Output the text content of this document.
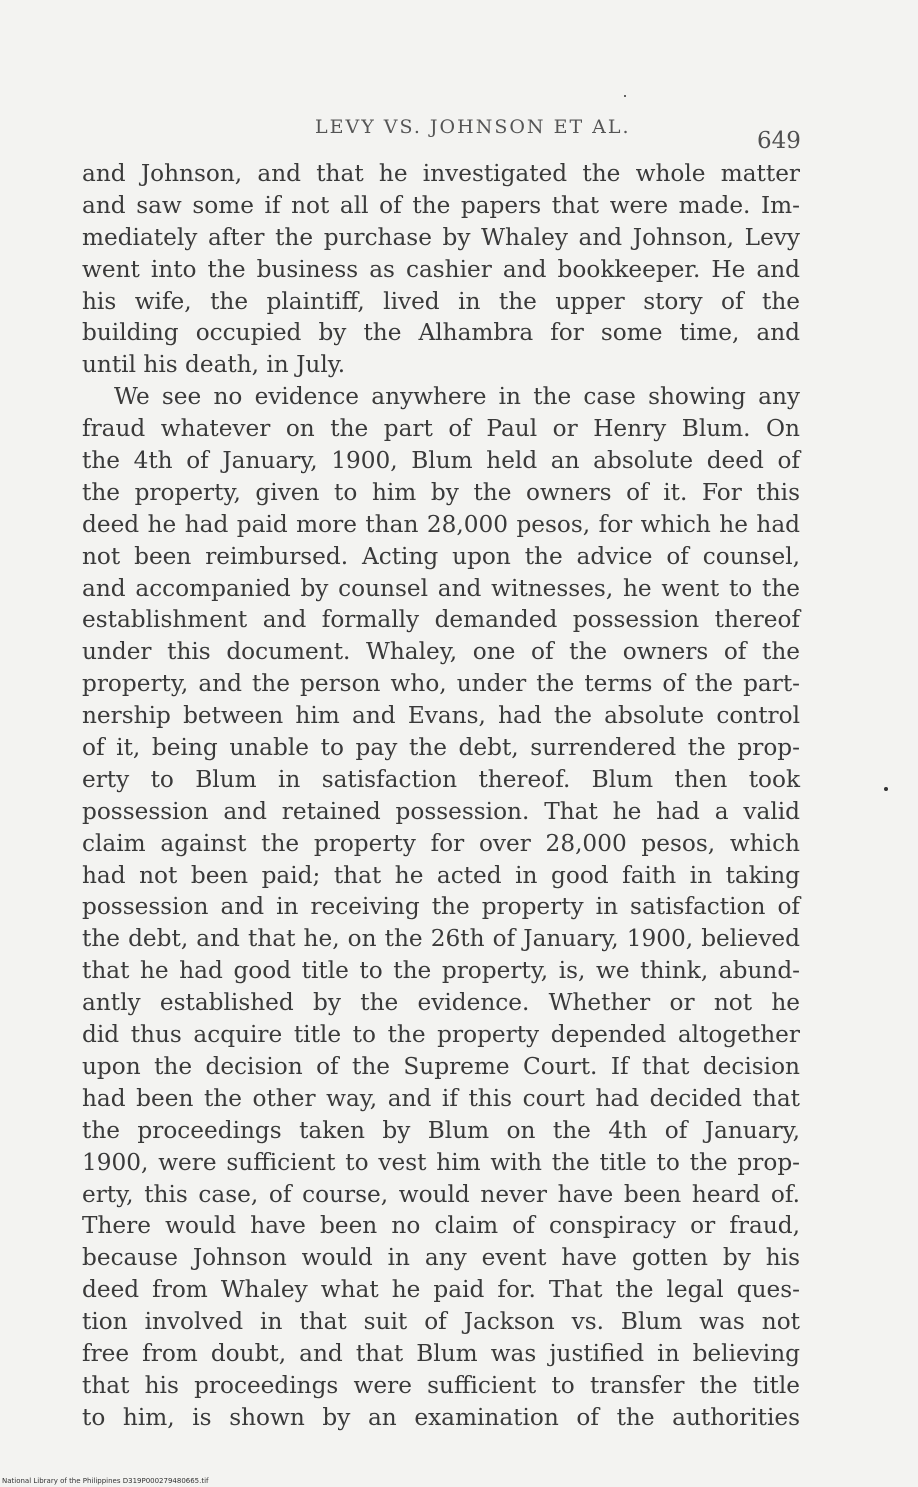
LEVY VS. JOHNSON ET AL.
649
and Johnson, and that he investigated the whole matter
and saw some if not all of the papers that were made. Im-
mediately after the purchase by Whaley and Johnson, Levy
went into the business as cashier and bookkeeper. He and
his wife, the plaintiff, lived in the upper story of the
building occupied by the Alhambra for some time, and
until his death, in July.
We see no evidence anywhere in the case showing any
fraud whatever on the part of Paul or Henry Blum. On
the 4th of January, 1900, Blum held an absolute deed of
the property, given to him by the owners of it. For this
deed he had paid more than 28,000 pesos, for which he had
not been reimbursed. Acting upon the advice of counsel,
and accompanied by counsel and witnesses, he went to the
establishment and formally demanded possession thereof
under this document. Whaley, one of the owners of the
property, and the person who, under the terms of the part-
nership between him and Evans, had the absolute control
of it, being unable to pay the debt, surrendered the prop-
erty to Blum in satisfaction thereof. Blum then took
possession and retained possession. That he had a valid
claim against the property for over 28,000 pesos, which
had not been paid; that he acted in good faith in taking
possession and in receiving the property in satisfaction of
the debt, and that he, on the 26th of January, 1900, believed
that he had good title to the property, is, we think, abund-
antly established by the evidence. Whether or not he
did thus acquire title to the property depended altogether
upon the decision of the Supreme Court. If that decision
had been the other way, and if this court had decided that
the proceedings taken by Blum on the 4th of January,
1900, were sufficient to vest him with the title to the prop-
erty, this case, of course, would never have been heard of.
There would have been no claim of conspiracy or fraud,
because Johnson would in any event have gotten by his
deed from Whaley what he paid for. That the legal ques-
tion involved in that suit of Jackson vs. Blum was not
free from doubt, and that Blum was justified in believing
that his proceedings were sufficient to transfer the title
to him, is shown by an examination of the authorities
National Library of the Philippines D319P000279480665.tif
